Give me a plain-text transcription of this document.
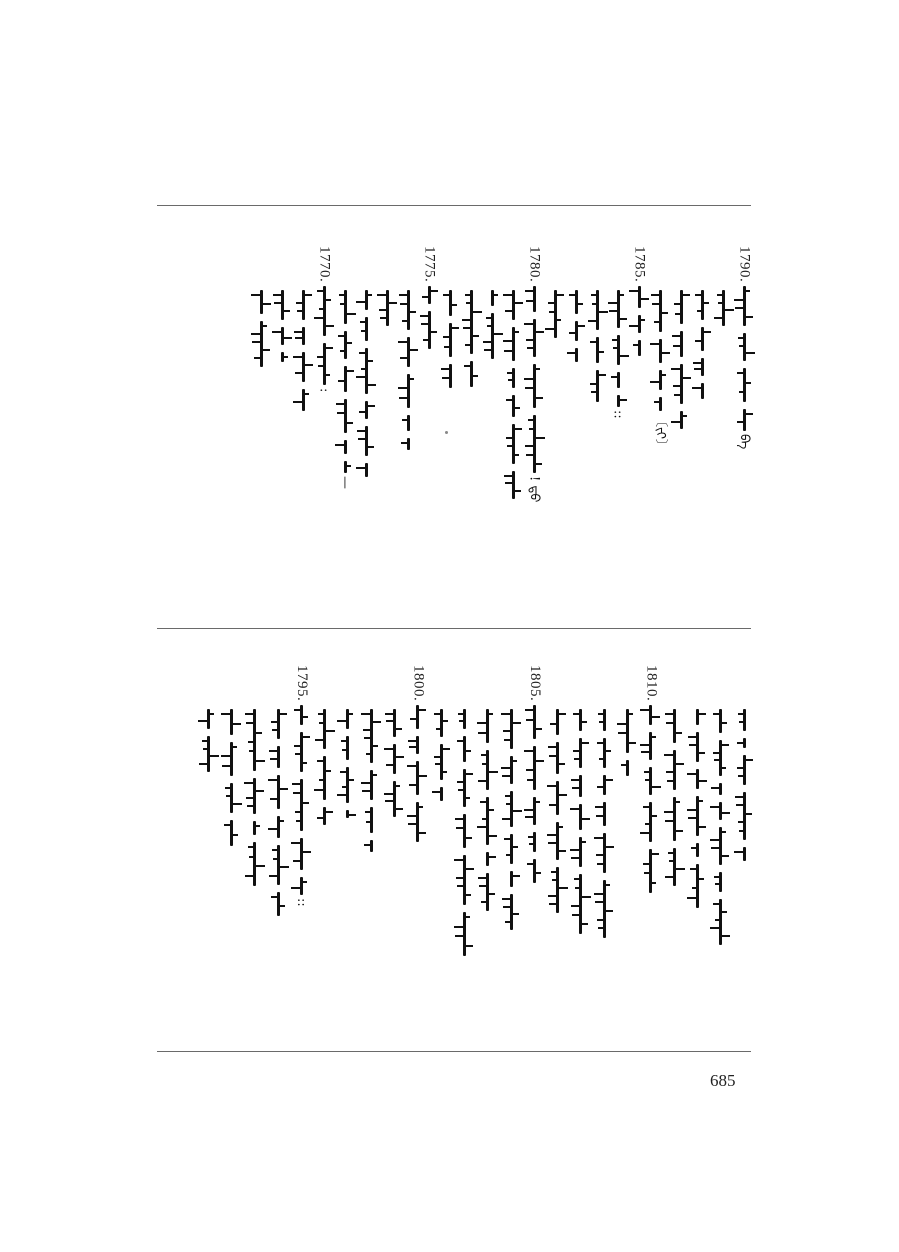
1790.
ᠪᠠ
〔ᠶ᠋ᠢ〕
1785.
::
1780.
! ᠳ᠋ᠤ
1775.
—
1770.
:
1810.
1805.
1800.
1795.
::
685
